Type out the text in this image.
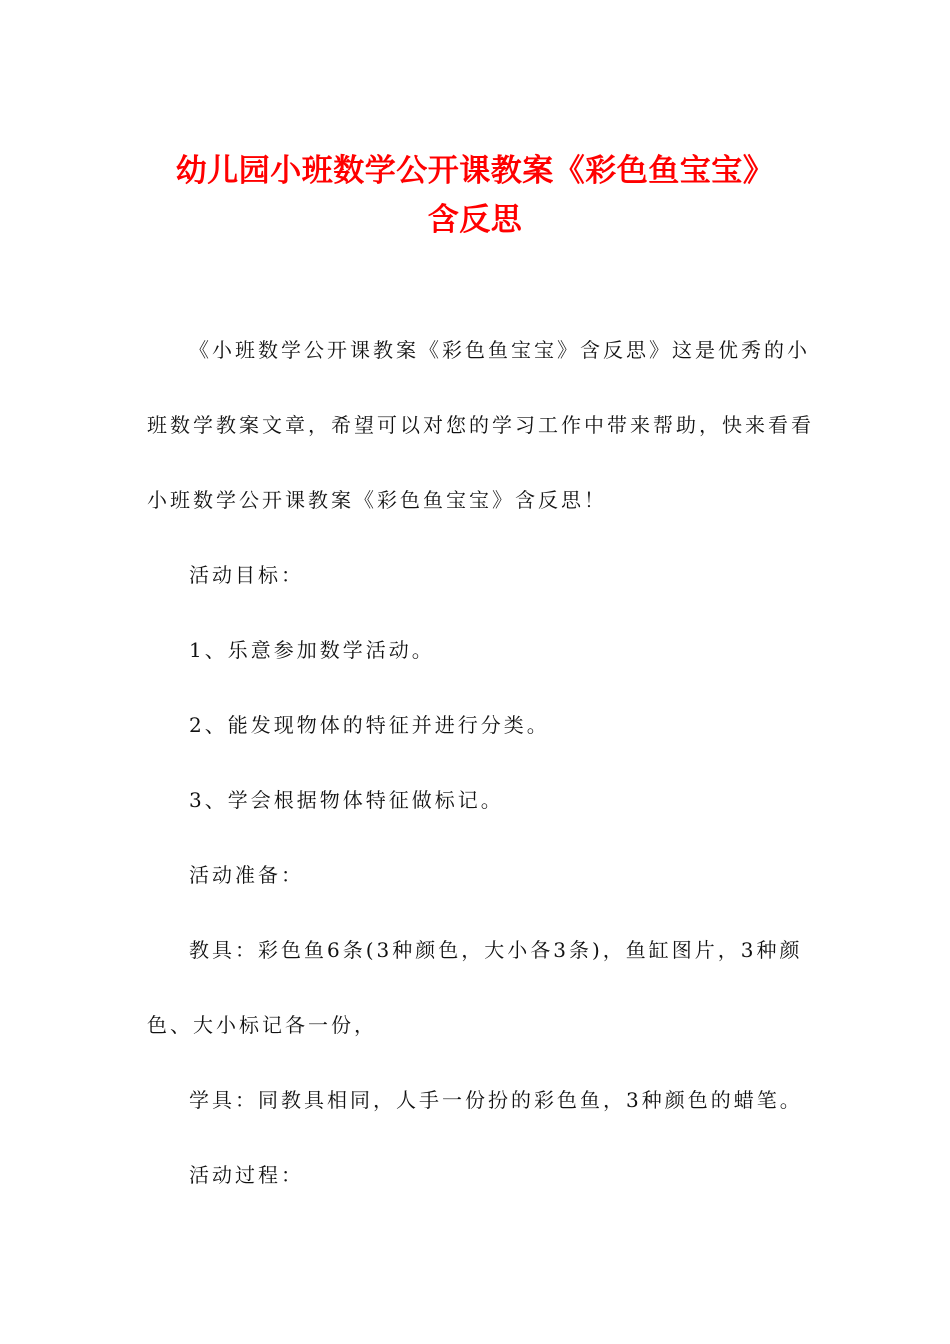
幼儿园小班数学公开课教案《彩色鱼宝宝》
含反思
《小班数学公开课教案《彩色鱼宝宝》含反思》这是优秀的小
班数学教案文章，希望可以对您的学习工作中带来帮助，快来看看
小班数学公开课教案《彩色鱼宝宝》含反思！
活动目标：
1、乐意参加数学活动。
2、能发现物体的特征并进行分类。
3、学会根据物体特征做标记。
活动准备：
教具：彩色鱼6条(3种颜色，大小各3条)，鱼缸图片，3种颜
色、大小标记各一份，
学具：同教具相同，人手一份扮的彩色鱼，3种颜色的蜡笔。
活动过程：
